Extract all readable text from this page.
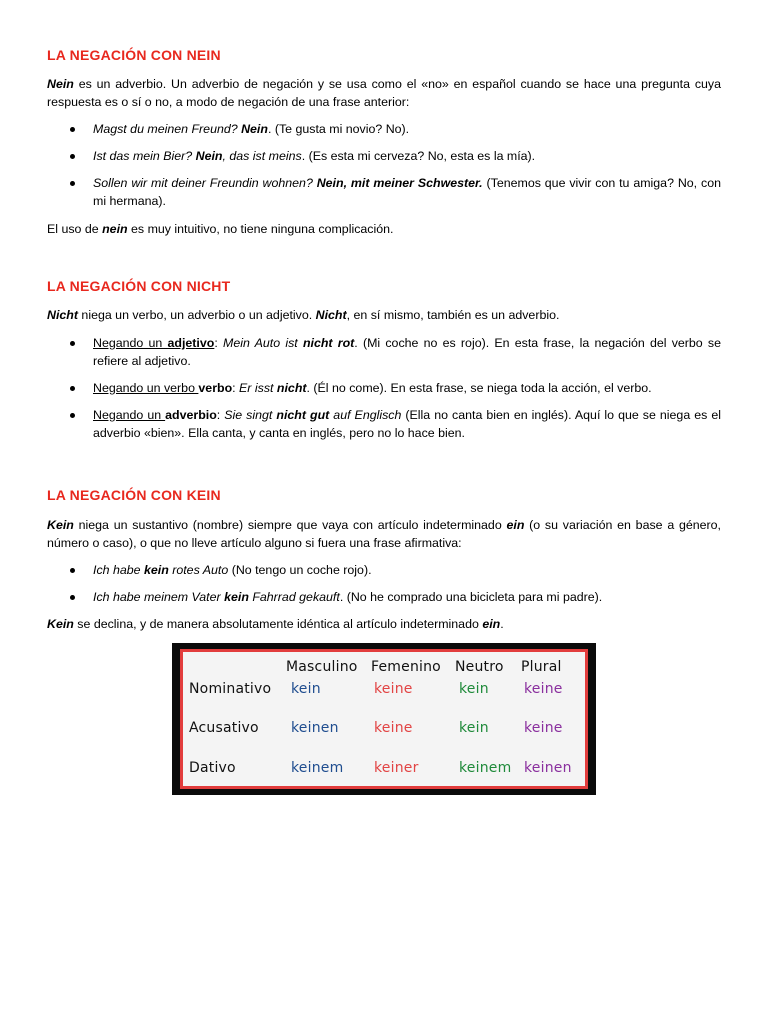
LA NEGACIÓN CON NEIN

Nein es un adverbio. Un adverbio de negación y se usa como el «no» en español cuando se hace una pregunta cuya respuesta es o sí o no, a modo de negación de una frase anterior:

Magst du meinen Freund? Nein. (Te gusta mi novio? No).

Ist das mein Bier? Nein, das ist meins. (Es esta mi cerveza? No, esta es la mía).

Sollen wir mit deiner Freundin wohnen? Nein, mit meiner Schwester. (Tenemos que vivir con tu amiga? No, con mi hermana).

El uso de nein es muy intuitivo, no tiene ninguna complicación.

LA NEGACIÓN CON NICHT

Nicht niega un verbo, un adverbio o un adjetivo. Nicht, en sí mismo, también es un adverbio.

Negando un adjetivo: Mein Auto ist nicht rot. (Mi coche no es rojo). En esta frase, la negación del verbo se refiere al adjetivo.

Negando un verbo verbo: Er isst nicht. (Él no come). En esta frase, se niega toda la acción, el verbo.

Negando un adverbio: Sie singt nicht gut auf Englisch (Ella no canta bien en inglés). Aquí lo que se niega es el adverbio «bien». Ella canta, y canta en inglés, pero no lo hace bien.

LA NEGACIÓN CON KEIN

Kein niega un sustantivo (nombre) siempre que vaya con artículo indeterminado ein (o su variación en base a género, número o caso), o que no lleve artículo alguno si fuera una frase afirmativa:

Ich habe kein rotes Auto (No tengo un coche rojo).

Ich habe meinem Vater kein Fahrrad gekauft. (No he comprado una bicicleta para mi padre).

Kein se declina, y de manera absolutamente idéntica al artículo indeterminado ein.

Masculino Femenino Neutro Plural
Nominativo kein	keine	kein	keine
Acusativo keinen	keine	kein	keine
Dativo	keinem keiner	keinem keinen
